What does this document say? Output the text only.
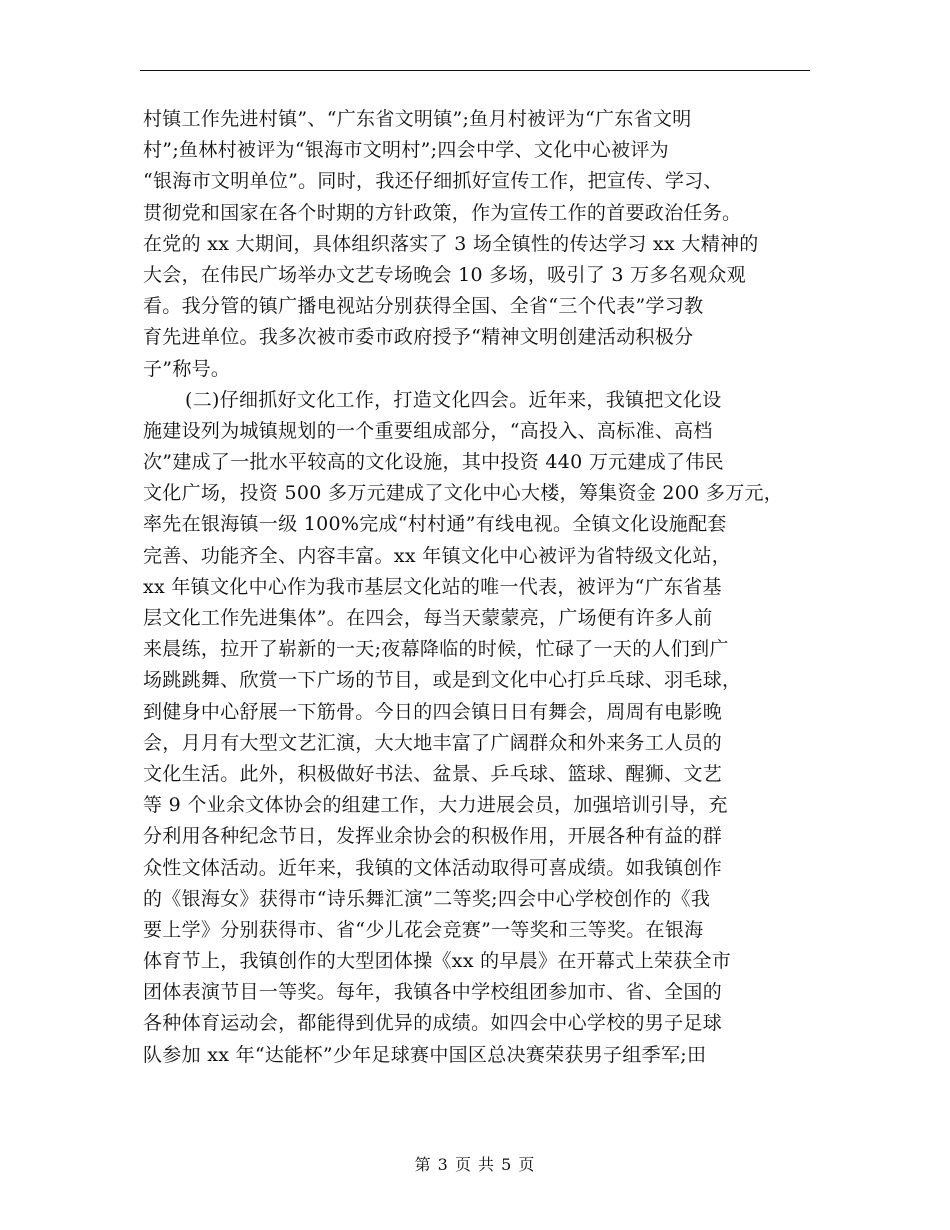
村镇工作先进村镇”、“广东省文明镇”;鱼月村被评为“广东省文明
村”;鱼林村被评为“银海市文明村”;四会中学、文化中心被评为
“银海市文明单位”。同时，我还仔细抓好宣传工作，把宣传、学习、
贯彻党和国家在各个时期的方针政策，作为宣传工作的首要政治任务。
在党的 xx 大期间，具体组织落实了 3 场全镇性的传达学习 xx 大精神的
大会，在伟民广场举办文艺专场晚会 10 多场，吸引了 3 万多名观众观
看。我分管的镇广播电视站分别获得全国、全省“三个代表”学习教
育先进单位。我多次被市委市政府授予“精神文明创建活动积极分
子”称号。
(二)仔细抓好文化工作，打造文化四会。近年来，我镇把文化设
施建设列为城镇规划的一个重要组成部分，“高投入、高标准、高档
次”建成了一批水平较高的文化设施，其中投资 440 万元建成了伟民
文化广场，投资 500 多万元建成了文化中心大楼，筹集资金 200 多万元，
率先在银海镇一级 100%完成“村村通”有线电视。全镇文化设施配套
完善、功能齐全、内容丰富。xx 年镇文化中心被评为省特级文化站，
xx 年镇文化中心作为我市基层文化站的唯一代表，被评为“广东省基
层文化工作先进集体”。在四会，每当天蒙蒙亮，广场便有许多人前
来晨练，拉开了崭新的一天;夜幕降临的时候，忙碌了一天的人们到广
场跳跳舞、欣赏一下广场的节目，或是到文化中心打乒乓球、羽毛球，
到健身中心舒展一下筋骨。今日的四会镇日日有舞会，周周有电影晚
会，月月有大型文艺汇演，大大地丰富了广阔群众和外来务工人员的
文化生活。此外，积极做好书法、盆景、乒乓球、篮球、醒狮、文艺
等 9 个业余文体协会的组建工作，大力进展会员，加强培训引导，充
分利用各种纪念节日，发挥业余协会的积极作用，开展各种有益的群
众性文体活动。近年来，我镇的文体活动取得可喜成绩。如我镇创作
的《银海女》获得市“诗乐舞汇演”二等奖;四会中心学校创作的《我
要上学》分别获得市、省“少儿花会竞赛”一等奖和三等奖。在银海
体育节上，我镇创作的大型团体操《xx 的早晨》在开幕式上荣获全市
团体表演节目一等奖。每年，我镇各中学校组团参加市、省、全国的
各种体育运动会，都能得到优异的成绩。如四会中心学校的男子足球
队参加 xx 年“达能杯”少年足球赛中国区总决赛荣获男子组季军;田
第 3 页 共 5 页
